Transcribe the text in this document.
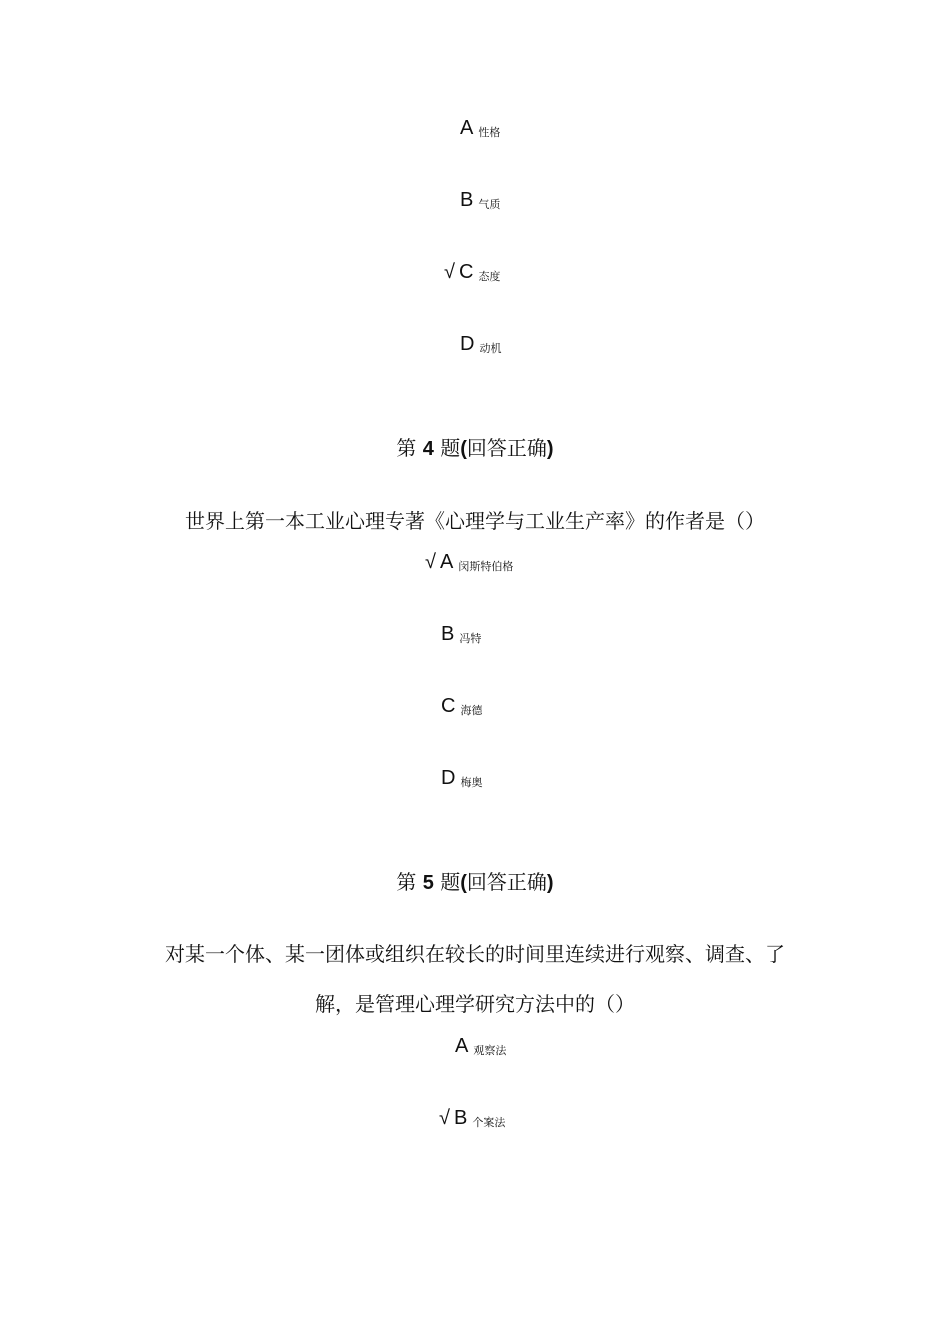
A性格
B气质
√ C 态度
D动机
第 4 题(回答正确)
世界上第一本工业心理专著《心理学与工业生产率》的作者是（）
√ A 闵斯特伯格
B冯特
C海德
D梅奥
第 5 题(回答正确)
对某一个体、某一团体或组织在较长的时间里连续进行观察、调查、了
解，是管理心理学研究方法中的（）
A观察法
√ B 个案法
